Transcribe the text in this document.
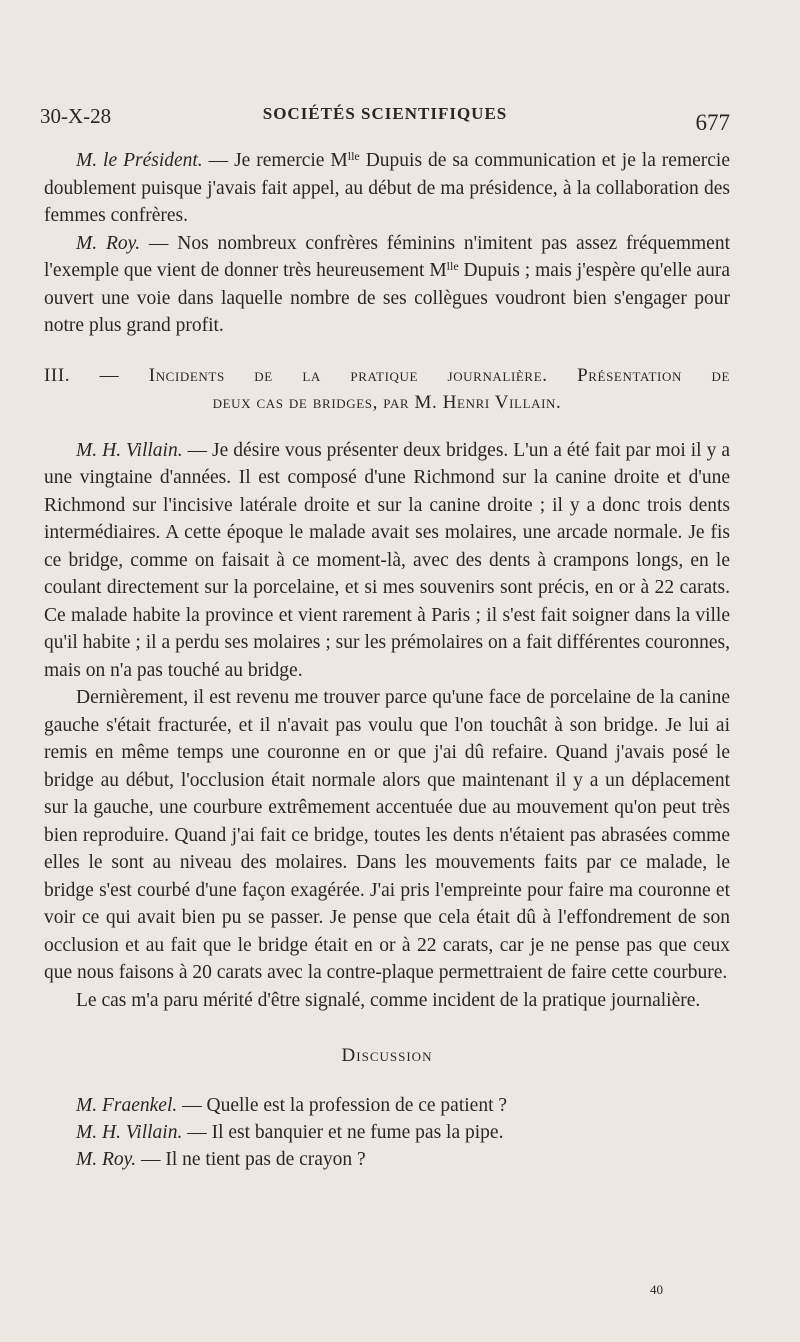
30-X-28	SOCIÉTÉS SCIENTIFIQUES	677

M. le Président. — Je remercie $M^{lle}$ Dupuis de sa communication et je la remercie doublement puisque j'avais fait appel, au début de ma présidence, à la collaboration des femmes confrères.

M. Roy. — Nos nombreux confrères féminins n'imitent pas assez fréquemment l'exemple que vient de donner très heureusement $M^{lle}$ Dupuis ; mais j'espère qu'elle aura ouvert une voie dans laquelle nombre de ses collègues voudront bien s'engager pour notre plus grand profit.

III. — Incidents de la pratique journalière. Présentation de
deux cas de bridges, par M. Henri Villain.

M. H. Villain. — Je désire vous présenter deux bridges. L'un a été fait par moi il y a une vingtaine d'années. Il est composé d'une Richmond sur la canine droite et d'une Richmond sur l'incisive latérale droite et sur la canine droite ; il y a donc trois dents intermédiaires. A cette époque le malade avait ses molaires, une arcade normale. Je fis ce bridge, comme on faisait à ce moment-là, avec des dents à crampons longs, en le coulant directement sur la porcelaine, et si mes souvenirs sont précis, en or à 22 carats. Ce malade habite la province et vient rarement à Paris ; il s'est fait soigner dans la ville qu'il habite ; il a perdu ses molaires ; sur les prémolaires on a fait différentes couronnes, mais on n'a pas touché au bridge.

Dernièrement, il est revenu me trouver parce qu'une face de porcelaine de la canine gauche s'était fracturée, et il n'avait pas voulu que l'on touchât à son bridge. Je lui ai remis en même temps une couronne en or que j'ai dû refaire. Quand j'avais posé le bridge au début, l'occlusion était normale alors que maintenant il y a un déplacement sur la gauche, une courbure extrêmement accentuée due au mouvement qu'on peut très bien reproduire. Quand j'ai fait ce bridge, toutes les dents n'étaient pas abrasées comme elles le sont au niveau des molaires. Dans les mouvements faits par ce malade, le bridge s'est courbé d'une façon exagérée. J'ai pris l'empreinte pour faire ma couronne et voir ce qui avait bien pu se passer. Je pense que cela était dû à l'effondrement de son occlusion et au fait que le bridge était en or à 22 carats, car je ne pense pas que ceux que nous faisons à 20 carats avec la contre-plaque permettraient de faire cette courbure.

Le cas m'a paru mérité d'être signalé, comme incident de la pratique journalière.

Discussion

M. Fraenkel. — Quelle est la profession de ce patient ?

M. H. Villain. — Il est banquier et ne fume pas la pipe.

M. Roy. — Il ne tient pas de crayon ?

40
